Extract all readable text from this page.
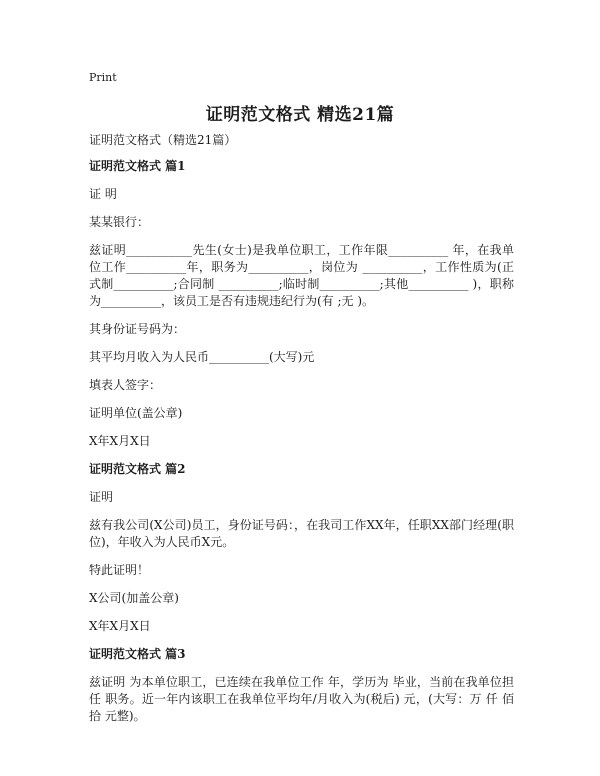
Print
证明范文格式 精选21篇

证明范文格式（精选21篇）

证明范文格式 篇1

证 明

某某银行：

兹证明___________先生(女士)是我单位职工，工作年限__________ 年，在我单位工作__________年，职务为__________，岗位为 __________，工作性质为(正式制__________;合同制 __________;临时制__________;其他__________ )，职称为__________，该员工是否有违规违纪行为(有 ;无 )。

其身份证号码为：

其平均月收入为人民币__________(大写)元

填表人签字：

证明单位(盖公章)

X年X月X日

证明范文格式 篇2

证明

兹有我公司(X公司)员工，身份证号码：，在我司工作XX年，任职XX部门经理(职位)，年收入为人民币X元。

特此证明！

X公司(加盖公章)

X年X月X日

证明范文格式 篇3

兹证明 为本单位职工，已连续在我单位工作 年，学历为 毕业，当前在我单位担任 职务。近一年内该职工在我单位平均年/月收入为(税后) 元，(大写：万 仟 佰 拾 元整)。
